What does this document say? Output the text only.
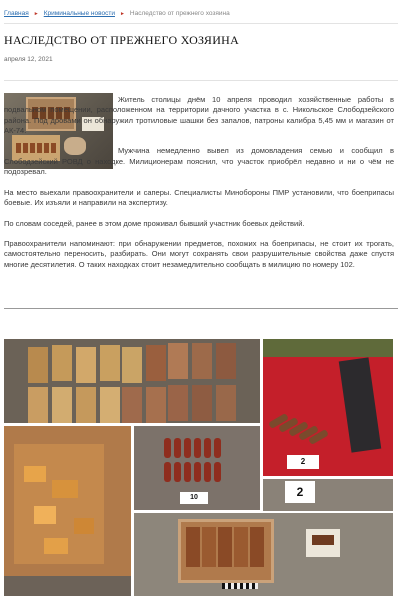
Главная ► Криминальные новости ► Наследство от прежнего хозяина
НАСЛЕДСТВО ОТ ПРЕЖНЕГО ХОЗЯИНА
апреля 12, 2021

Житель столицы днём 10 апреля проводил хозяйственные работы в подвальном помещении, расположенном на территории дачного участка в с. Никольское Слободзейского района. Под дровами он обнаружил тротиловые шашки без запалов, патроны калибра 5,45 мм и магазин от АК-74.

Мужчина немедленно вывел из домовладения семью и сообщил в Слободзейский РОВД о находке. Милиционерам пояснил, что участок приобрёл недавно и ни о чём не подозревал.

На место выехали правоохранители и саперы. Специалисты Минобороны ПМР установили, что боеприпасы боевые. Их изъяли и направили на экспертизу.

По словам соседей, ранее в этом доме проживал бывший участник боевых действий.

Правоохранители напоминают: при обнаружении предметов, похожих на боеприпасы, не стоит их трогать, самостоятельно переносить, разбирать. Они могут сохранять свои разрушительные свойства даже спустя многие десятилетия. О таких находках стоит незамедлительно сообщать в милицию по номеру 102.

2
10	2
